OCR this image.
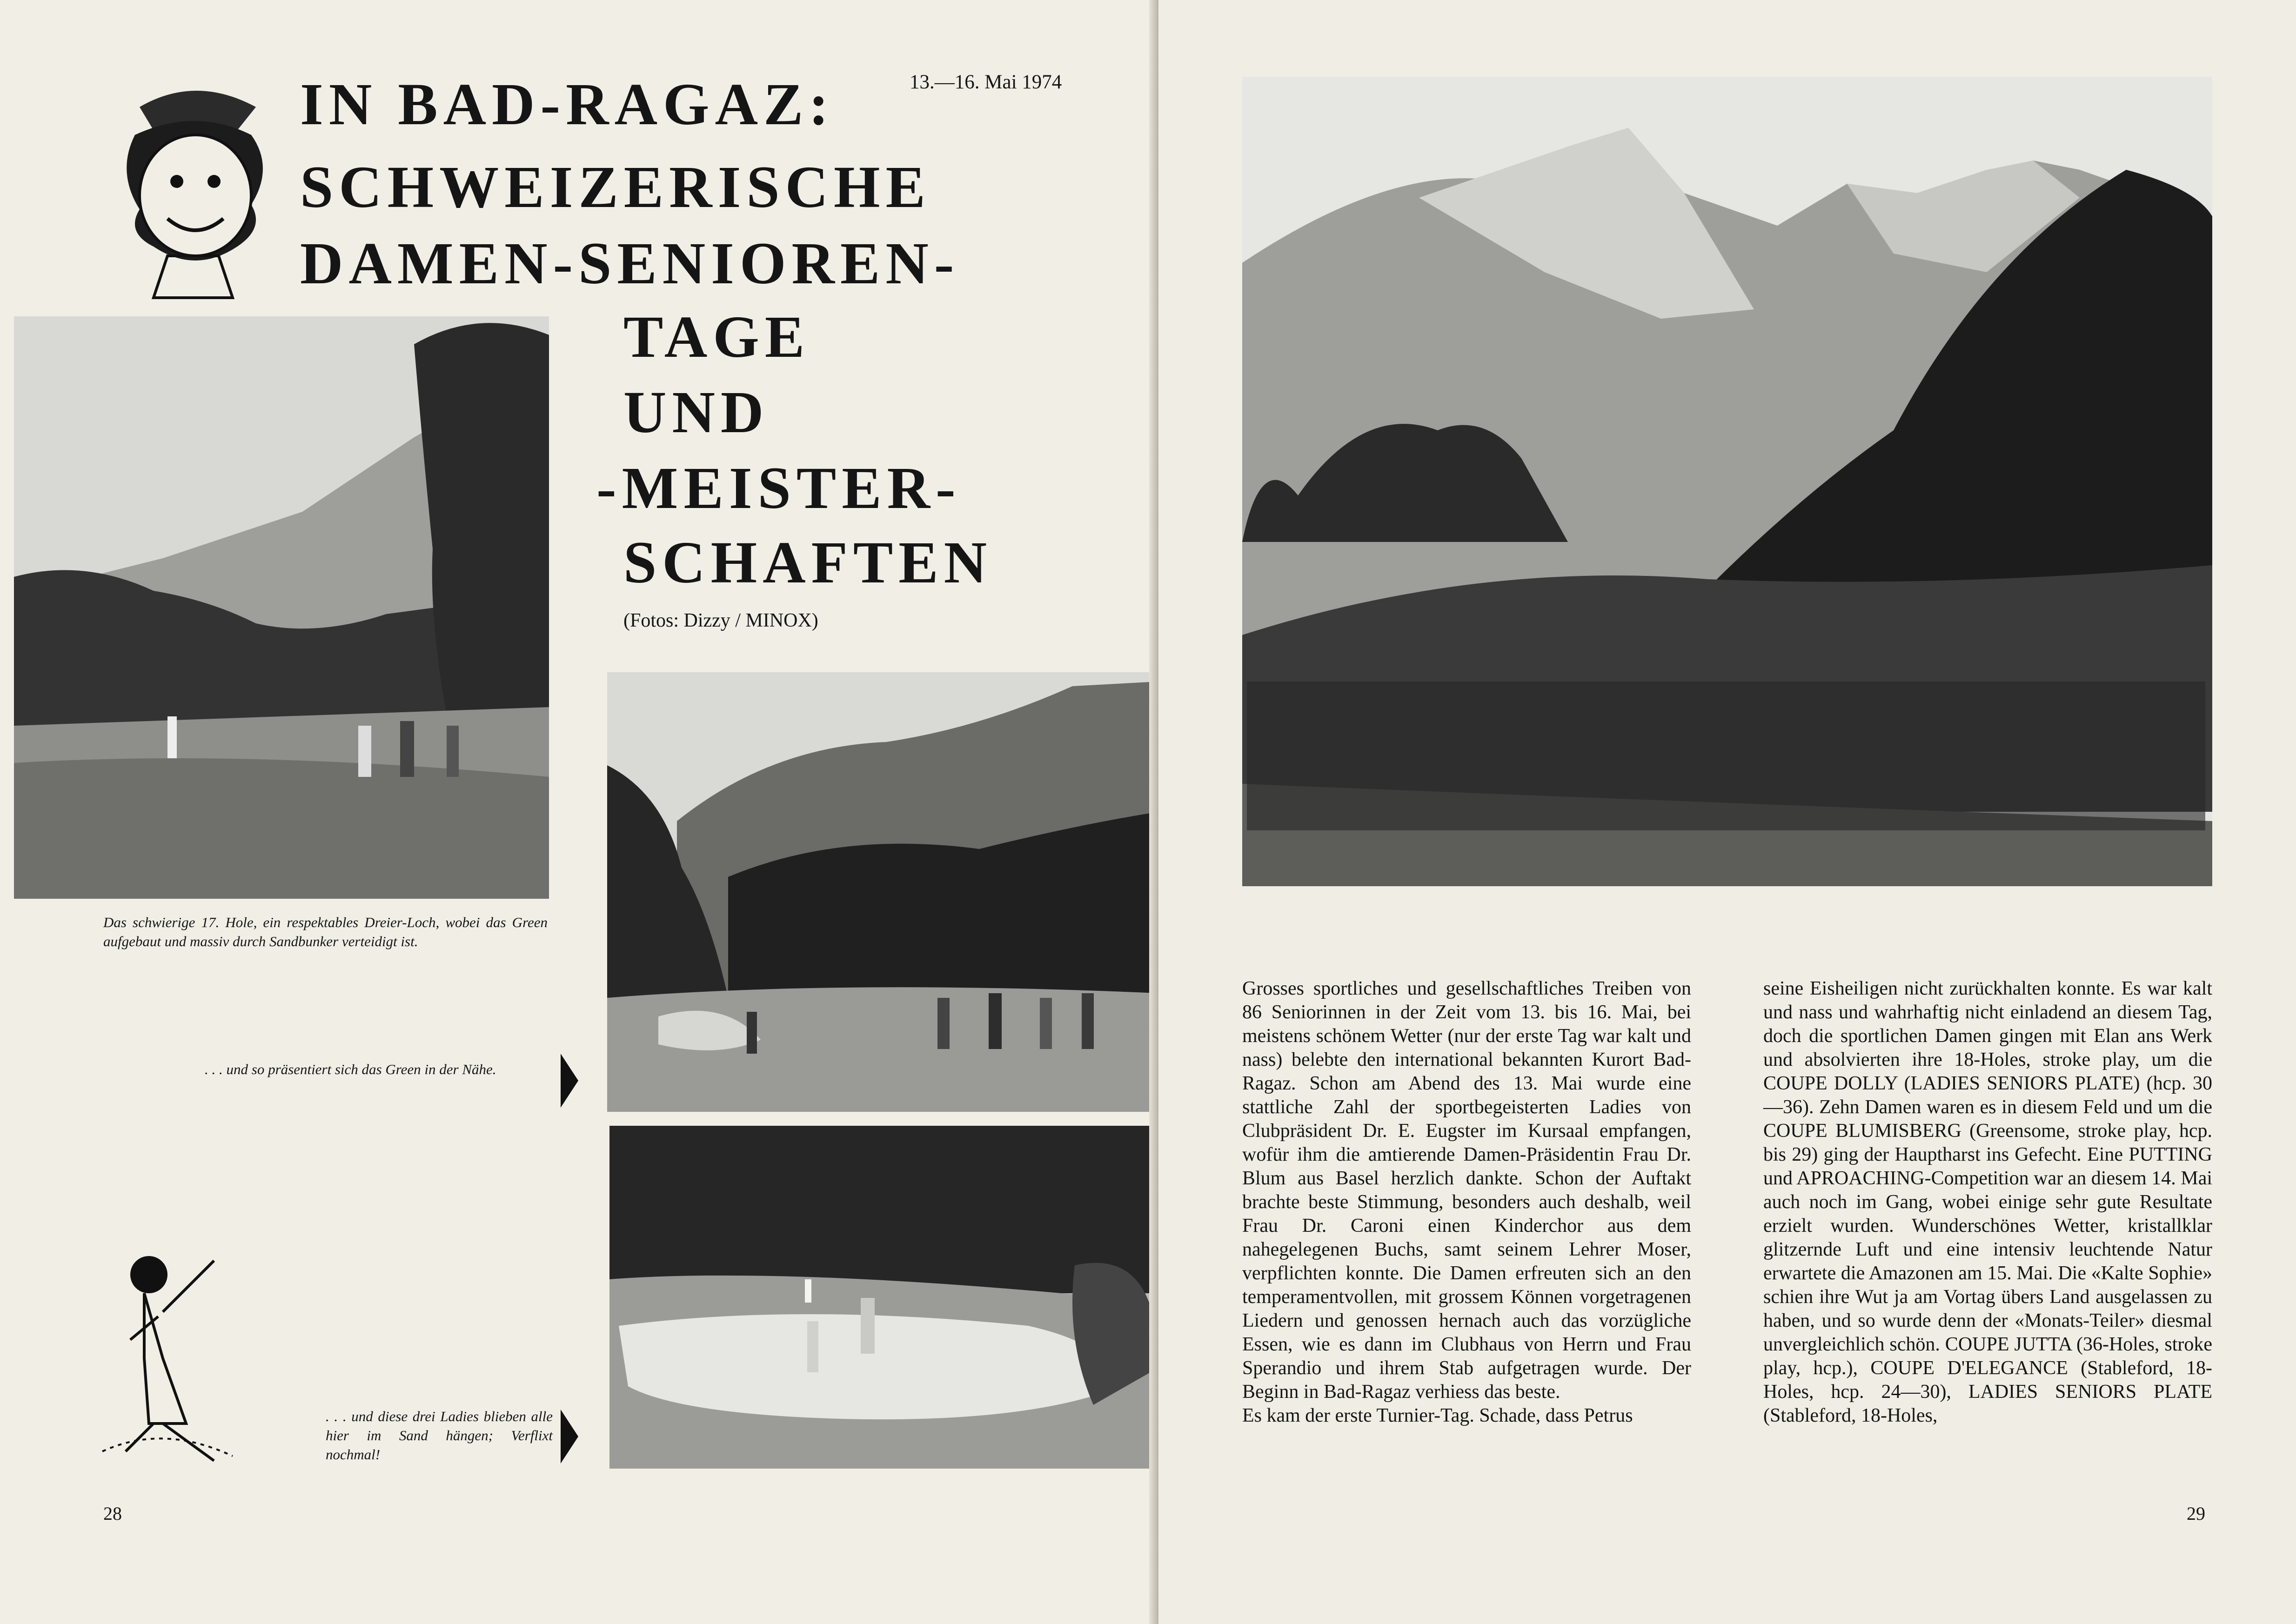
IN BAD-RAGAZ:
SCHWEIZERISCHE
DAMEN-SENIOREN-
TAGE
UND
-MEISTER-
SCHAFTEN
13.—16. Mai 1974
(Fotos: Dizzy / MINOX)
Das schwierige 17. Hole, ein respektables Dreier-Loch, wobei das Green aufgebaut und massiv durch Sandbunker verteidigt ist.
. . . und so präsentiert sich das Green in der Nähe.
. . . und diese drei Ladies blieben alle hier im Sand hängen; Verflixt nochmal!
28

Grosses sportliches und gesellschaftliches Treiben von 86 Seniorinnen in der Zeit vom 13. bis 16. Mai, bei meistens schönem Wetter (nur der erste Tag war kalt und nass) belebte den international bekannten Kurort Bad-Ragaz. Schon am Abend des 13. Mai wurde eine stattliche Zahl der sportbegeisterten Ladies von Clubpräsident Dr. E. Eugster im Kursaal empfangen, wofür ihm die amtierende Damen-Präsidentin Frau Dr. Blum aus Basel herzlich dankte. Schon der Auftakt brachte beste Stimmung, besonders auch deshalb, weil Frau Dr. Caroni einen Kinderchor aus dem nahegelegenen Buchs, samt seinem Lehrer Moser, verpflichten konnte. Die Damen erfreuten sich an den temperamentvollen, mit grossem Können vorgetragenen Liedern und genossen hernach auch das vorzügliche Essen, wie es dann im Clubhaus von Herrn und Frau Sperandio und ihrem Stab aufgetragen wurde. Der Beginn in Bad-Ragaz verhiess das beste.

Es kam der erste Turnier-Tag. Schade, dass Petrus

seine Eisheiligen nicht zurückhalten konnte. Es war kalt und nass und wahrhaftig nicht einladend an diesem Tag, doch die sportlichen Damen gingen mit Elan ans Werk und absolvierten ihre 18-Holes, stroke play, um die COUPE DOLLY (LADIES SENIORS PLATE) (hcp. 30—36). Zehn Damen waren es in diesem Feld und um die COUPE BLUMISBERG (Greensome, stroke play, hcp. bis 29) ging der Hauptharst ins Gefecht. Eine PUTTING und APROACHING-Competition war an diesem 14. Mai auch noch im Gang, wobei einige sehr gute Resultate erzielt wurden. Wunderschönes Wetter, kristallklar glitzernde Luft und eine intensiv leuchtende Natur erwartete die Amazonen am 15. Mai. Die «Kalte Sophie» schien ihre Wut ja am Vortag übers Land ausgelassen zu haben, und so wurde denn der «Monats-Teiler» diesmal unvergleichlich schön. COUPE JUTTA (36-Holes, stroke play, hcp.), COUPE D'ELEGANCE (Stableford, 18-Holes, hcp. 24—30), LADIES SENIORS PLATE (Stableford, 18-Holes,

29
